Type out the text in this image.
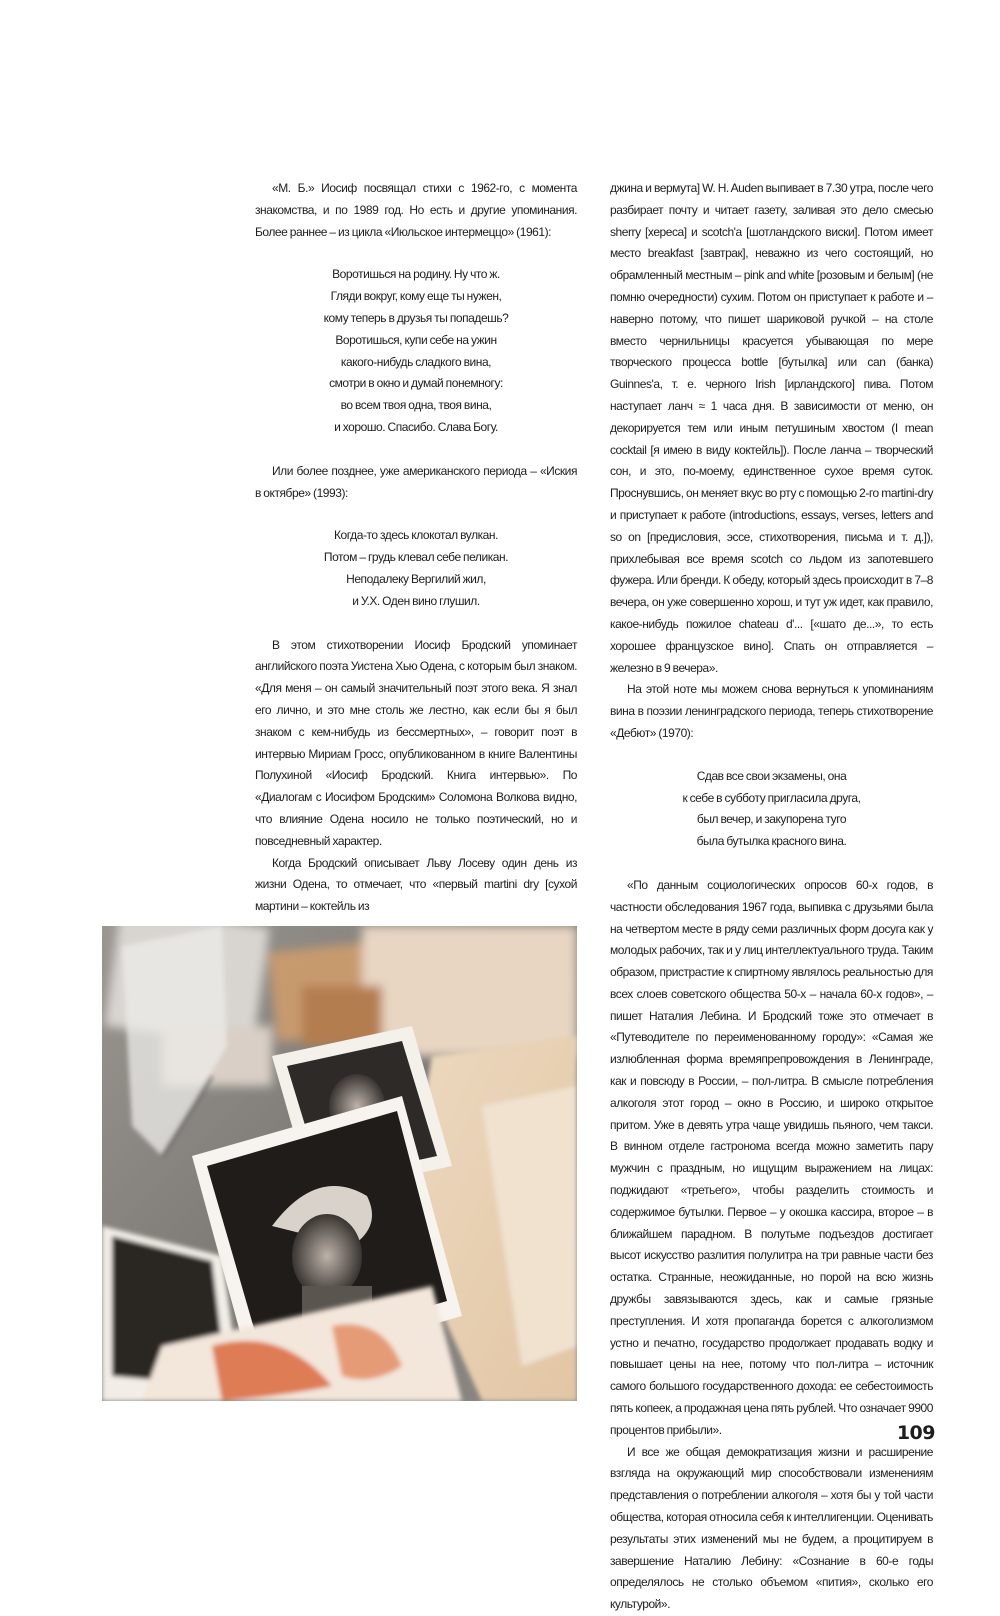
«М. Б.» Иосиф посвящал стихи с 1962-го, с момента знакомства, и по 1989 год. Но есть и другие упоминания. Более раннее – из цикла «Июльское интермеццо» (1961):

Воротишься на родину. Ну что ж.
Гляди вокруг, кому еще ты нужен,
кому теперь в друзья ты попадешь?
Воротишься, купи себе на ужин
какого-нибудь сладкого вина,
смотри в окно и думай понемногу:
во всем твоя одна, твоя вина,
и хорошо. Спасибо. Слава Богу.

Или более позднее, уже американского периода – «Иския в октябре» (1993):

Когда-то здесь клокотал вулкан.
Потом – грудь клевал себе пеликан.
Неподалеку Вергилий жил,
и У.Х. Оден вино глушил.

В этом стихотворении Иосиф Бродский упоминает английского поэта Уистена Хью Одена, с которым был знаком. «Для меня – он самый значительный поэт этого века. Я знал его лично, и это мне столь же лестно, как если бы я был знаком с кем-нибудь из бессмертных», – говорит поэт в интервью Мириам Гросс, опубликованном в книге Валентины Полухиной «Иосиф Бродский. Книга интервью». По «Диалогам с Иосифом Бродским» Соломона Волкова видно, что влияние Одена носило не только поэтический, но и повседневный характер.

Когда Бродский описывает Льву Лосеву один день из жизни Одена, то отмечает, что «первый martini dry [сухой мартини – коктейль из

джина и вермута] W. H. Auden выпивает в 7.30 утра, после чего разбирает почту и читает газету, заливая это дело смесью sherry [хереса] и scotch'а [шотландского виски]. Потом имеет место breakfast [завтрак], неважно из чего состоящий, но обрамленный местным – pink and white [розовым и белым] (не помню очередности) сухим. Потом он приступает к работе и – наверно потому, что пишет шариковой ручкой – на столе вместо чернильницы красуется убывающая по мере творческого процесса bottle [бутылка] или can (банка) Guinnes'а, т. е. черного Irish [ирландского] пива. Потом наступает ланч ≈ 1 часа дня. В зависимости от меню, он декорируется тем или иным петушиным хвостом (I mean cocktail [я имею в виду коктейль]). После ланча – творческий сон, и это, по-моему, единственное сухое время суток. Проснувшись, он меняет вкус во рту с помощью 2-го martini-dry и приступает к работе (introductions, essays, verses, letters and so on [предисловия, эссе, стихотворения, письма и т. д.]), прихлебывая все время scotch со льдом из запотевшего фужера. Или бренди. К обеду, который здесь происходит в 7–8 вечера, он уже совершенно хорош, и тут уж идет, как правило, какое-нибудь пожилое chateau d'... [«шато де...», то есть хорошее французское вино]. Спать он отправляется – железно в 9 вечера».

На этой ноте мы можем снова вернуться к упоминаниям вина в поэзии ленинградского периода, теперь стихотворение «Дебют» (1970):

Сдав все свои экзамены, она
к себе в субботу пригласила друга,
был вечер, и закупорена туго
была бутылка красного вина.

«По данным социологических опросов 60-х годов, в частности обследования 1967 года, выпивка с друзьями была на четвертом месте в ряду семи различных форм досуга как у молодых рабочих, так и у лиц интеллектуального труда. Таким образом, пристрастие к спиртному являлось реальностью для всех слоев советского общества 50-х – начала 60-х годов», – пишет Наталия Лебина. И Бродский тоже это отмечает в «Путеводителе по переименованному городу»: «Самая же излюбленная форма времяпрепровождения в Ленинграде, как и повсюду в России, – пол-литра. В смысле потребления алкоголя этот город – окно в Россию, и широко открытое притом. Уже в девять утра чаще увидишь пьяного, чем такси. В винном отделе гастронома всегда можно заметить пару мужчин с праздным, но ищущим выражением на лицах: поджидают «третьего», чтобы разделить стоимость и содержимое бутылки. Первое – у окошка кассира, второе – в ближайшем парадном. В полутьме подъездов достигает высот искусство разлития полулитра на три равные части без остатка. Странные, неожиданные, но порой на всю жизнь дружбы завязываются здесь, как и самые грязные преступления. И хотя пропаганда борется с алкоголизмом устно и печатно, государство продолжает продавать водку и повышает цены на нее, потому что пол-литра – источник самого большого государственного дохода: ее себестоимость пять копеек, а продажная цена пять рублей. Что означает 9900 процентов прибыли».

И все же общая демократизация жизни и расширение взгляда на окружающий мир способствовали изменениям представления о потреблении алкоголя – хотя бы у той части общества, которая относила себя к интеллигенции. Оценивать результаты этих изменений мы не будем, а процитируем в завершение Наталию Лебину: «Сознание в 60-е годы определялось не столько объемом «пития», сколько его культурой».

109
